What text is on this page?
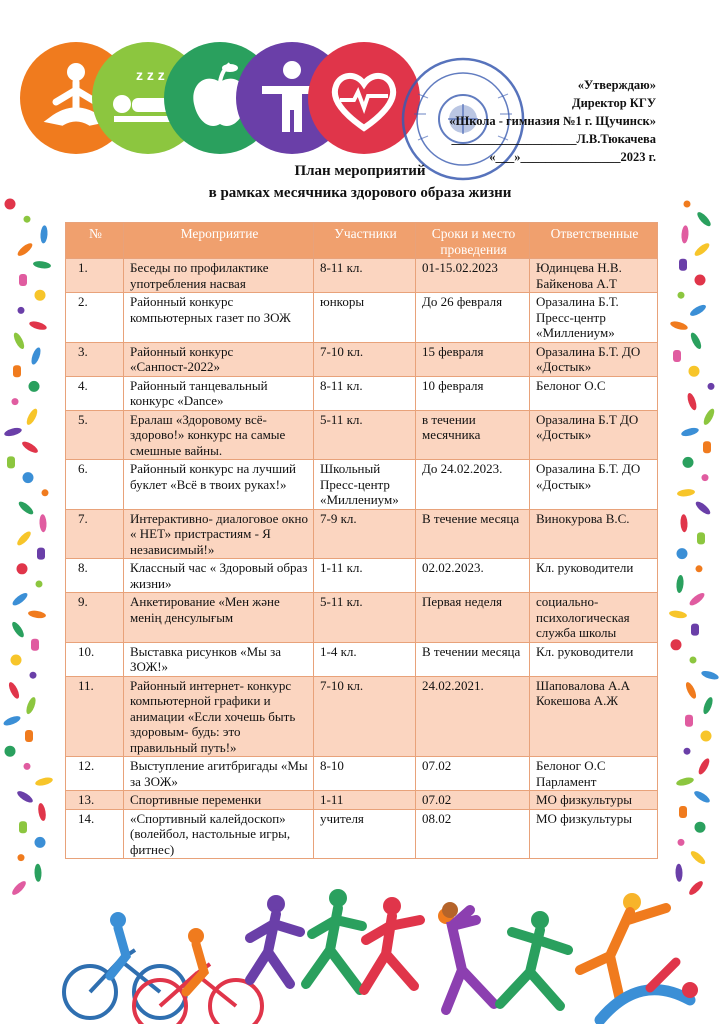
z z z
«Утверждаю»
Директор КГУ
«Школа - гимназия №1 г. Щучинск»
____________________Л.В.Тюкачева
«___»________________2023 г.
План мероприятий
в рамках месячника здорового образа жизни
№	Мероприятие	Участники	Сроки и место проведения	Ответственные
1.	Беседы по профилактике употребления насвая	8-11 кл.	01-15.02.2023	Юдинцева Н.В. Байкенова А.Т
2.	Районный конкурс компьютерных газет по ЗОЖ	юнкоры	До 26 февраля	Оразалина Б.Т. Пресс-центр «Миллениум»
3.	Районный конкурс «Санпост-2022»	7-10 кл.	15 февраля	Оразалина Б.Т. ДО «Достык»
4.	Районный танцевальный конкурс «Dance»	8-11 кл.	10 февраля	Белоног О.С
5.	Ералаш «Здоровому всё- здорово!» конкурс на самые смешные вайны.	5-11 кл.	в течении месячника	Оразалина Б.Т ДО «Достык»
6.	Районный конкурс на лучший буклет «Всё в твоих руках!»	Школьный Пресс-центр «Миллениум»	До 24.02.2023.	Оразалина Б.Т. ДО «Достык»
7.	Интерактивно- диалоговое окно « НЕТ» пристрастиям - Я независимый!»	7-9 кл.	В течение месяца	Винокурова В.С.
8.	Классный час « Здоровый образ жизни»	1-11 кл.	02.02.2023.	Кл. руководители
9.	Анкетирование «Мен және менің денсулығым	5-11 кл.	Первая неделя	социально- психологическая служба школы
10.	Выставка рисунков «Мы за ЗОЖ!»	1-4 кл.	В течении месяца	Кл. руководители
11.	Районный интернет- конкурс компьютерной графики и анимации «Если хочешь быть здоровым- будь: это правильный путь!»	7-10 кл.	24.02.2021.	Шаповалова А.А Кокешова А.Ж
12.	Выступление агитбригады «Мы за ЗОЖ»	8-10	07.02	Белоног О.С Парламент
13.	Спортивные переменки	1-11	07.02	МО физкультуры
14.	«Спортивный калейдоскоп» (волейбол, настольные игры, фитнес)	учителя	08.02	МО физкультуры
